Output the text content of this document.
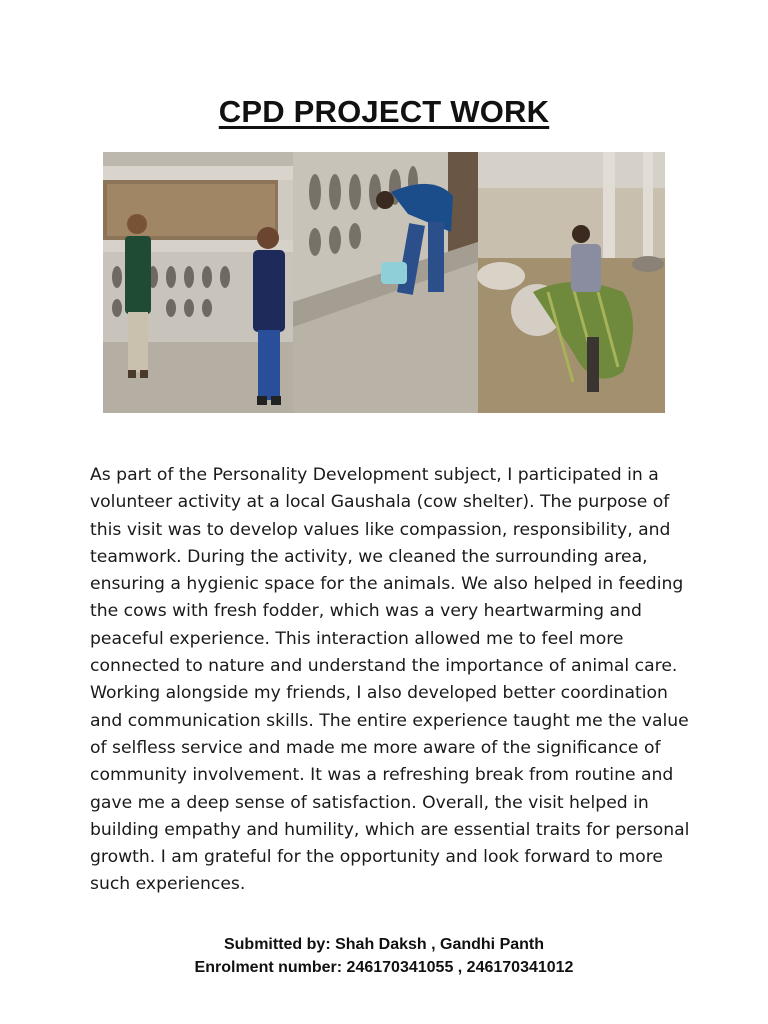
CPD PROJECT WORK
As part of the Personality Development subject, I participated in a volunteer activity at a local Gaushala (cow shelter). The purpose of this visit was to develop values like compassion, responsibility, and teamwork. During the activity, we cleaned the surrounding area, ensuring a hygienic space for the animals. We also helped in feeding the cows with fresh fodder, which was a very heartwarming and peaceful experience. This interaction allowed me to feel more connected to nature and understand the importance of animal care. Working alongside my friends, I also developed better coordination and communication skills. The entire experience taught me the value of selfless service and made me more aware of the significance of community involvement. It was a refreshing break from routine and gave me a deep sense of satisfaction. Overall, the visit helped in building empathy and humility, which are essential traits for personal growth. I am grateful for the opportunity and look forward to more such experiences.
Submitted by: Shah Daksh , Gandhi Panth
Enrolment number: 246170341055 , 246170341012
